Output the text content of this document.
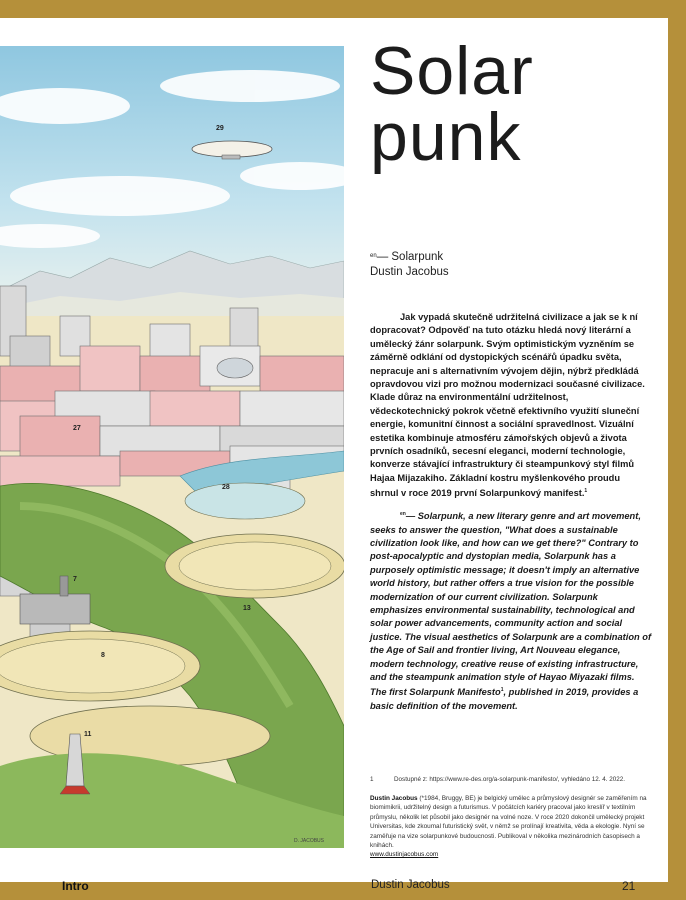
29
27
28
7
13
8
11
D. JACOBUS
Solar
punk
$^{en}$— Solarpunk
Dustin Jacobus
Jak vypadá skutečně udržitelná civilizace a jak se k ní dopracovat? Odpověď na tuto otázku hledá nový literární a umělecký žánr solarpunk. Svým optimistickým vyzněním se záměrně odklání od dystopických scénářů úpadku světa, nepracuje ani s alternativním vývojem dějin, nýbrž předkládá opravdovou vizi pro možnou modernizaci současné civilizace. Klade důraz na environmentální udržitelnost, vědeckotechnický pokrok včetně efektivního využití sluneční energie, komunitní činnost a sociální spravedlnost. Vizuální estetika kombinuje atmosféru zámořských objevů a života prvních osadníků, secesní eleganci, moderní technologie, konverze stávající infrastruktury či steampunkový styl filmů Hajaa Mijazakiho. Základní kostru myšlenkového proudu shrnul v roce 2019 první Solarpunkový manifest.$^1$
$^{en}$— Solarpunk, a new literary genre and art movement, seeks to answer the question, "What does a sustainable civilization look like, and how can we get there?" Contrary to post-apocalyptic and dystopian media, Solarpunk has a purposely optimistic message; it doesn't imply an alternative world history, but rather offers a true vision for the possible modernization of our current civilization. Solarpunk emphasizes environmental sustainability, technological and solar power advancements, community action and social justice. The visual aesthetics of Solarpunk are a combination of the Age of Sail and frontier living, Art Nouveau elegance, modern technology, creative reuse of existing infrastructure, and the steampunk animation style of Hayao Miyazaki films. The first Solarpunk Manifesto$^1$, published in 2019, provides a basic definition of the movement.
1	Dostupné z: https://www.re-des.org/a-solarpunk-manifesto/, vyhledáno 12. 4. 2022.
Dustin Jacobus (*1984, Bruggy, BE) je belgický umělec a průmyslový designér se zaměřením na biomimikrii, udržitelný design a futurismus. V počátcích kariéry pracoval jako kreslíř v textilním průmyslu, několik let působil jako designér na volné noze. V roce 2020 dokončil umělecký projekt Universitas, kde zkoumal futuristický svět, v němž se prolínají kreativita, věda a ekologie. Nyní se zaměřuje na vize solarpunkové budoucnosti. Publikoval v několika mezinárodních časopisech a knihách.
www.dustinjacobus.com
Intro	Dustin Jacobus	21
